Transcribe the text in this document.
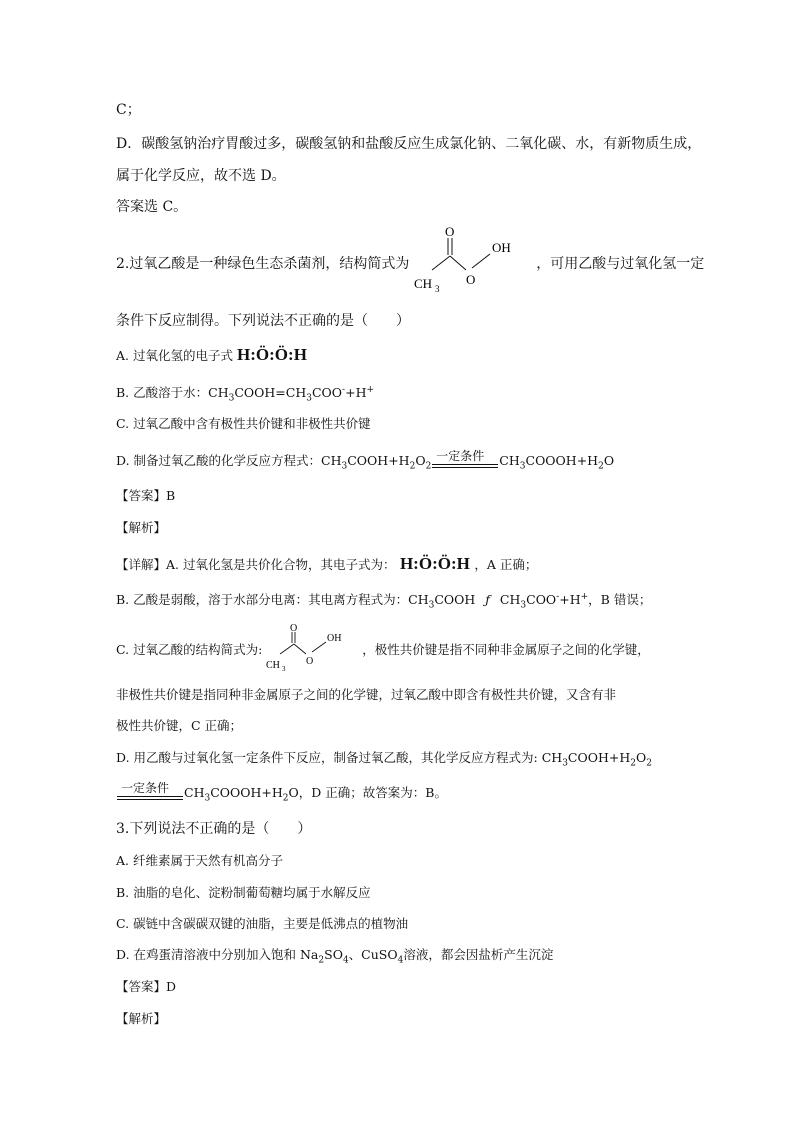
C；
D．碳酸氢钠治疗胃酸过多，碳酸氢钠和盐酸反应生成氯化钠、二氧化碳、水，有新物质生成，
属于化学反应，故不选 D。
答案选 C。
2.过氧乙酸是一种绿色生态杀菌剂，结构简式为
O
O
OH
CH 3
，可用乙酸与过氧化氢一定
条件下反应制得。下列说法不正确的是（　　）
A. 过氧化氢的电子式 H:Ö:Ö:H
B. 乙酸溶于水：$CH_3COOH=CH_3COO^-+H^+$
C. 过氧乙酸中含有极性共价键和非极性共价键
D. 制备过氧乙酸的化学反应方程式：$CH_3COOH+H_2O_2$
一定条件 $CH_3COOOH+H_2O$
【答案】B
【解析】
【详解】A. 过氧化氢是共价化合物，其电子式为： H:Ö:Ö:H ，A 正确；
B. 乙酸是弱酸，溶于水部分电离：其电离方程式为：$CH_3COOH$ ƒ $CH_3COO^-+H^+$，B 错误；
C. 过氧乙酸的结构简式为:
O
O
OH
CH 3
，极性共价键是指不同种非金属原子之间的化学键，
非极性共价键是指同种非金属原子之间的化学键，过氧乙酸中即含有极性共价键，又含有非
极性共价键，C 正确；
D. 用乙酸与过氧化氢一定条件下反应，制备过氧乙酸，其化学反应方程式为: $CH_3COOH+H_2O_2$
一定条件 $CH_3COOOH+H_2O$，D 正确；故答案为：B。
3.下列说法不正确的是（　　）
A. 纤维素属于天然有机高分子
B. 油脂的皂化、淀粉制葡萄糖均属于水解反应
C. 碳链中含碳碳双键的油脂，主要是低沸点的植物油
D. 在鸡蛋清溶液中分别加入饱和 $Na_2SO_4$、CuSO$_4$溶液，都会因盐析产生沉淀
【答案】D
【解析】
